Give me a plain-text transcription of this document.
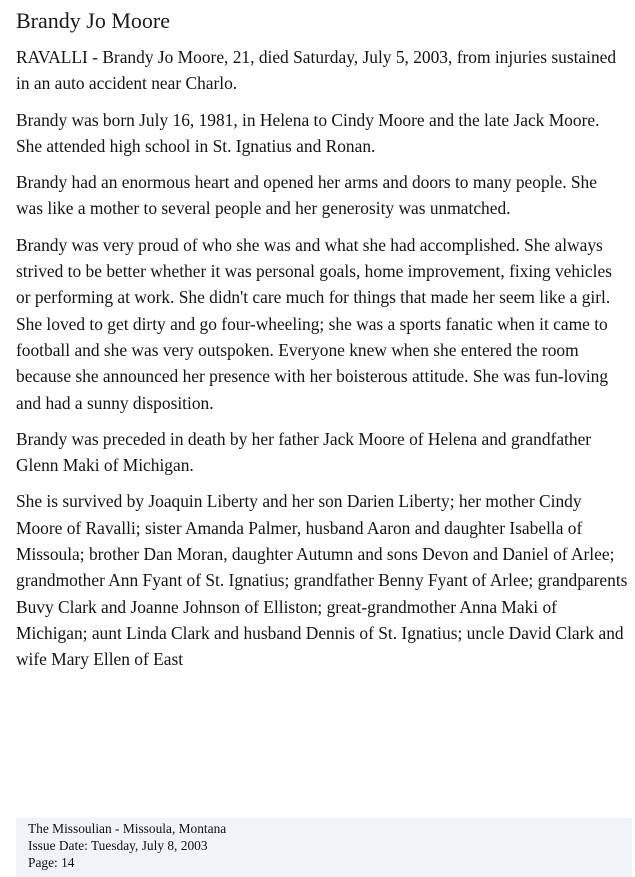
Brandy Jo Moore

RAVALLI - Brandy Jo Moore, 21, died Saturday, July 5, 2003, from injuries sustained in an auto accident near Charlo.

Brandy was born July 16, 1981, in Helena to Cindy Moore and the late Jack Moore. She attended high school in St. Ignatius and Ronan.

Brandy had an enormous heart and opened her arms and doors to many people. She was like a mother to several people and her generosity was unmatched.

Brandy was very proud of who she was and what she had accomplished. She always strived to be better whether it was personal goals, home improvement, fixing vehicles or performing at work. She didn't care much for things that made her seem like a girl. She loved to get dirty and go four-wheeling; she was a sports fanatic when it came to football and she was very outspoken. Everyone knew when she entered the room because she announced her presence with her boisterous attitude. She was fun-loving and had a sunny disposition.

Brandy was preceded in death by her father Jack Moore of Helena and grandfather Glenn Maki of Michigan.

She is survived by Joaquin Liberty and her son Darien Liberty; her mother Cindy Moore of Ravalli; sister Amanda Palmer, husband Aaron and daughter Isabella of Missoula; brother Dan Moran, daughter Autumn and sons Devon and Daniel of Arlee; grandmother Ann Fyant of St. Ignatius; grandfather Benny Fyant of Arlee; grandparents Buvy Clark and Joanne Johnson of Elliston; great-grandmother Anna Maki of Michigan; aunt Linda Clark and husband Dennis of St. Ignatius; uncle David Clark and wife Mary Ellen of East

The Missoulian - Missoula, Montana
Issue Date: Tuesday, July 8, 2003
Page: 14
